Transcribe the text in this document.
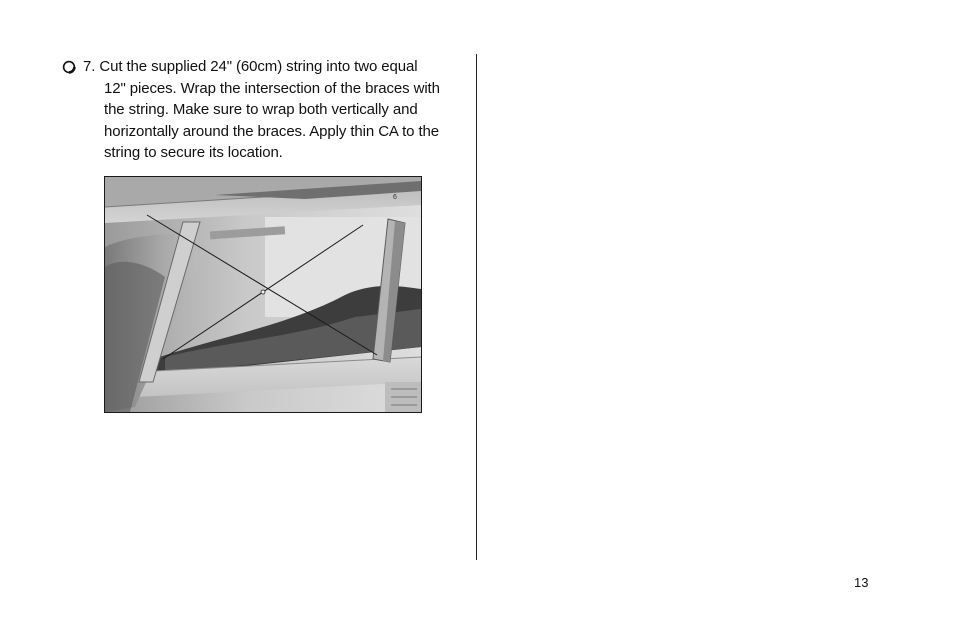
7. Cut the supplied 24" (60cm) string into two equal
12" pieces. Wrap the intersection of the braces with
the string. Make sure to wrap both vertically and
horizontally around the braces. Apply thin CA to the
string to secure its location.
6
13
